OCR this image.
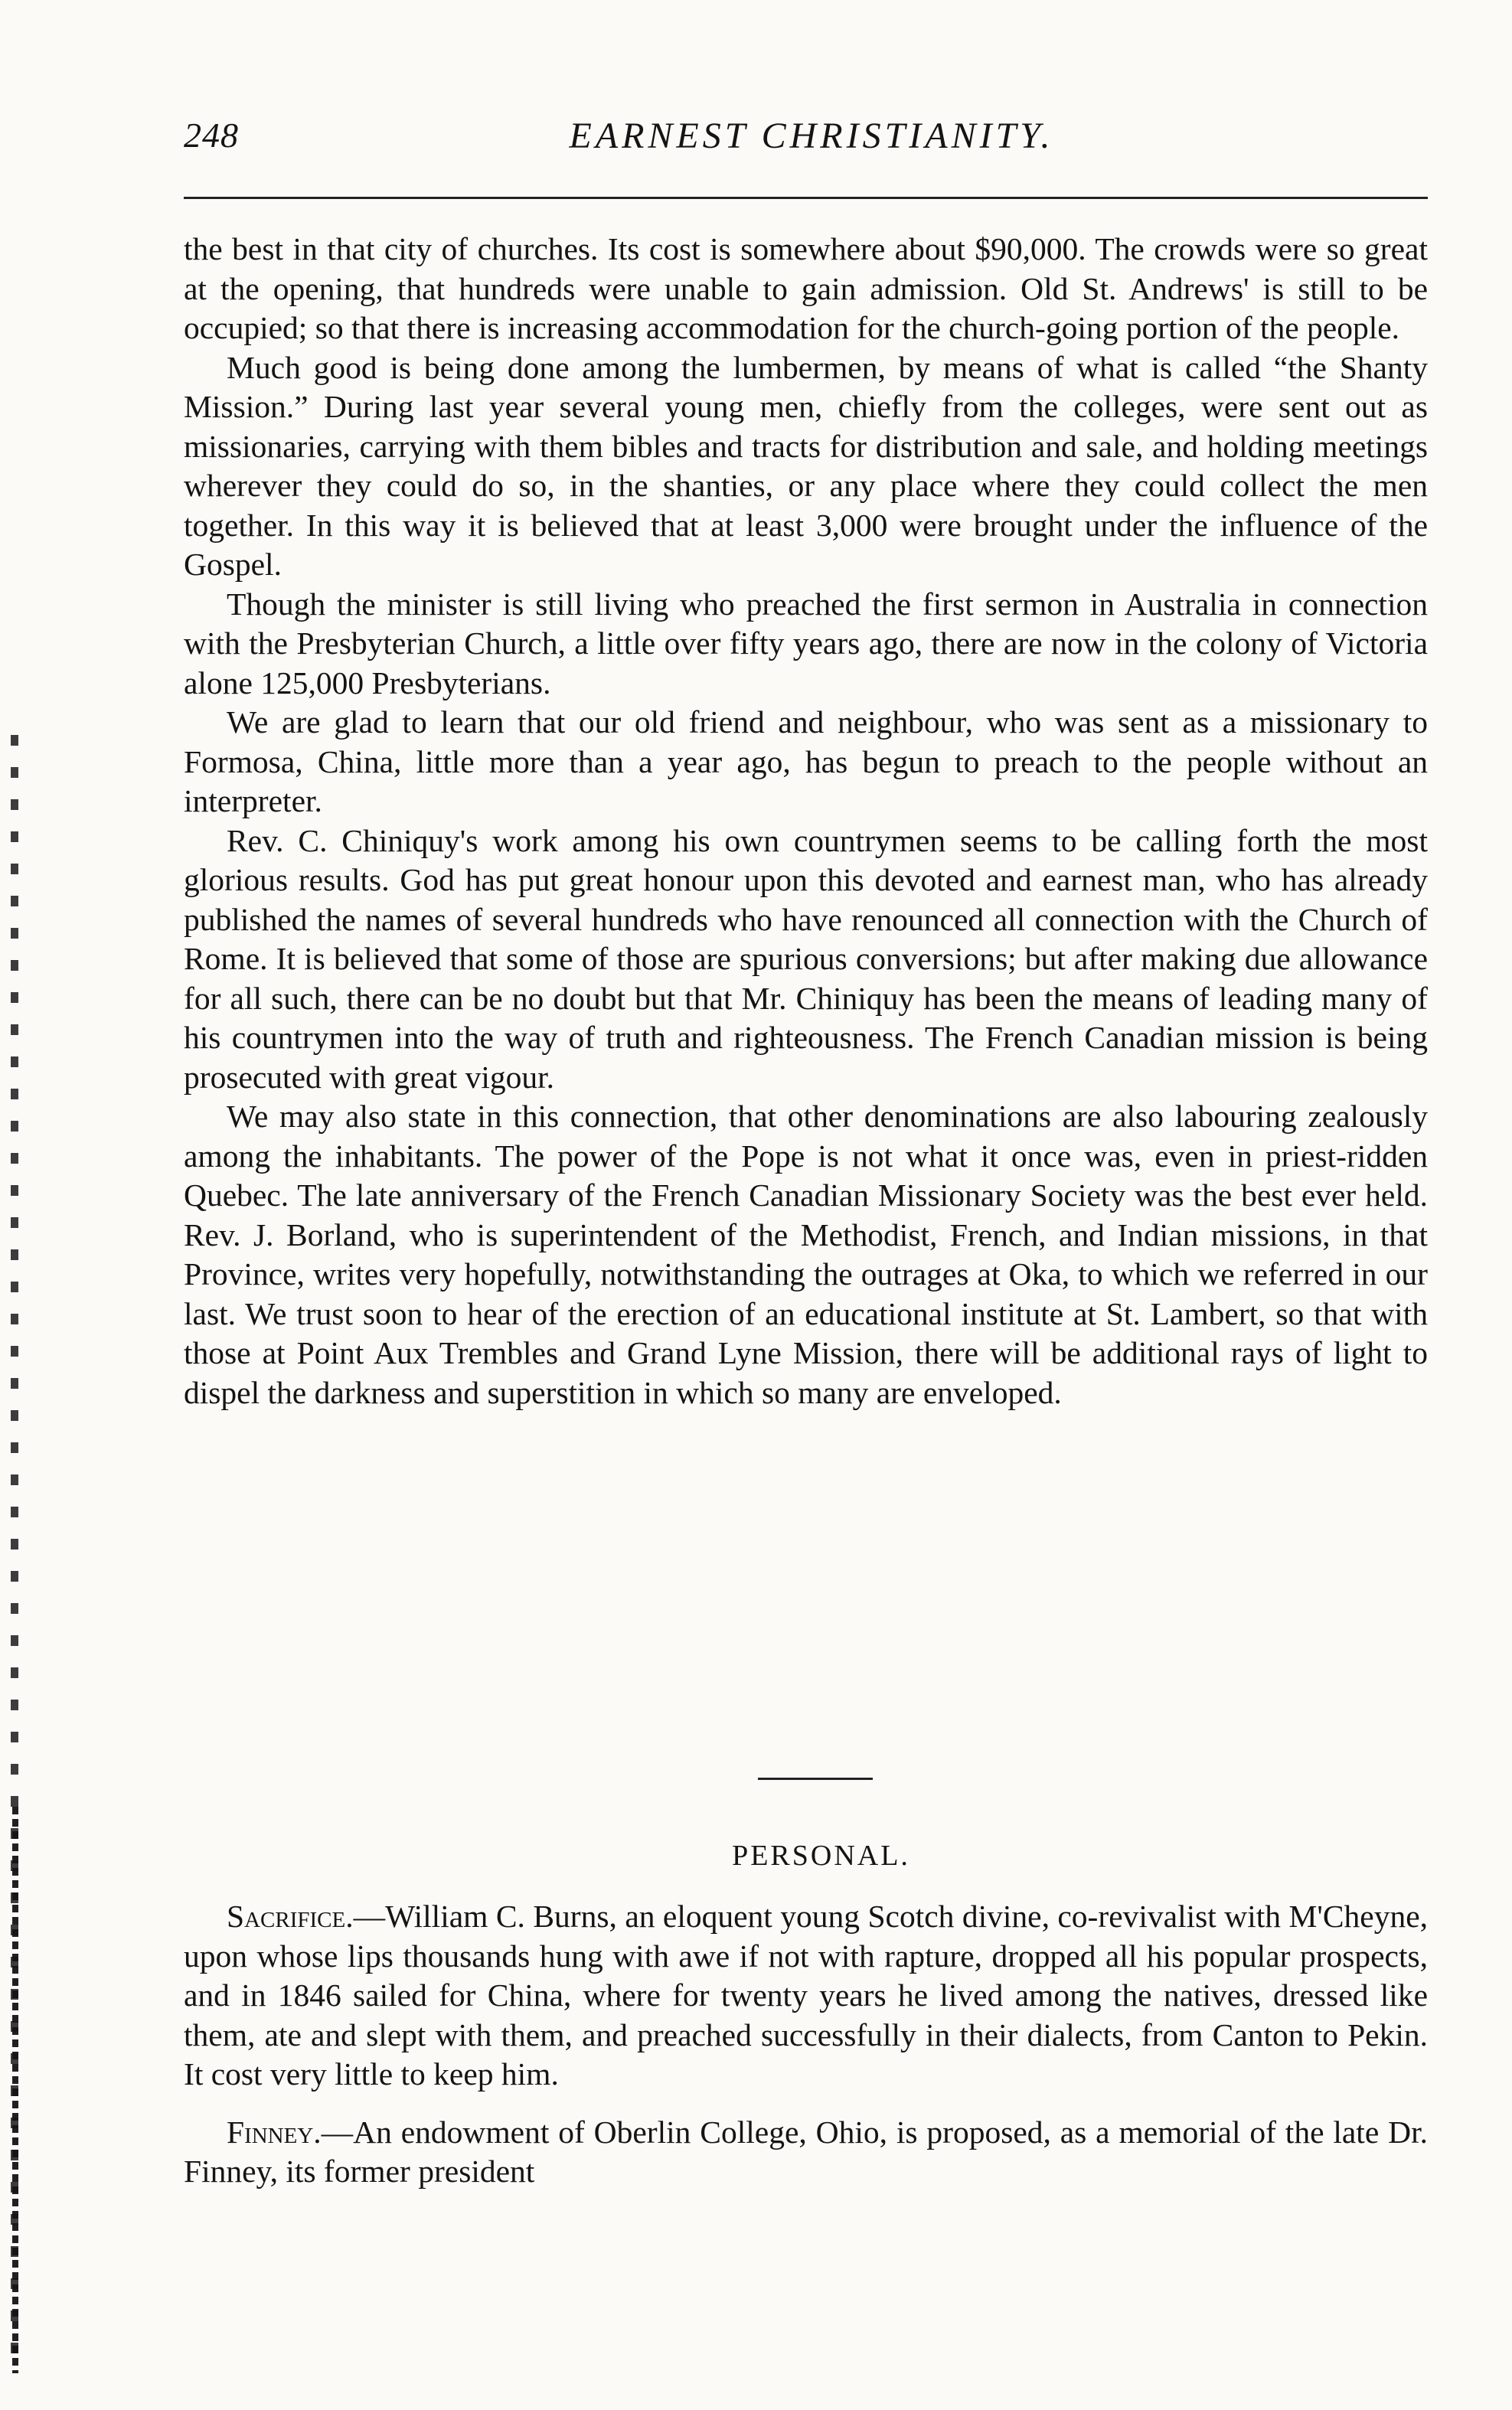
248	EARNEST CHRISTIANITY.

the best in that city of churches. Its cost is somewhere about $90,000. The crowds were so great at the opening, that hundreds were unable to gain admission. Old St. Andrews' is still to be occupied; so that there is increasing accommodation for the church-going portion of the people.

Much good is being done among the lumbermen, by means of what is called “the Shanty Mission.” During last year several young men, chiefly from the colleges, were sent out as missionaries, carrying with them bibles and tracts for distribution and sale, and holding meetings wherever they could do so, in the shanties, or any place where they could collect the men together. In this way it is believed that at least 3,000 were brought under the influence of the Gospel.

Though the minister is still living who preached the first sermon in Australia in connection with the Presbyterian Church, a little over fifty years ago, there are now in the colony of Victoria alone 125,000 Presbyterians.

We are glad to learn that our old friend and neighbour, who was sent as a missionary to Formosa, China, little more than a year ago, has begun to preach to the people without an interpreter.

Rev. C. Chiniquy's work among his own countrymen seems to be calling forth the most glorious results. God has put great honour upon this devoted and earnest man, who has already published the names of several hundreds who have renounced all connection with the Church of Rome. It is believed that some of those are spurious conversions; but after making due allowance for all such, there can be no doubt but that Mr. Chiniquy has been the means of leading many of his countrymen into the way of truth and righteousness. The French Canadian mission is being prosecuted with great vigour.

We may also state in this connection, that other denominations are also labouring zealously among the inhabitants. The power of the Pope is not what it once was, even in priest-ridden Quebec. The late anniversary of the French Canadian Missionary Society was the best ever held. Rev. J. Borland, who is superintendent of the Methodist, French, and Indian missions, in that Province, writes very hopefully, notwithstanding the outrages at Oka, to which we referred in our last. We trust soon to hear of the erection of an educational institute at St. Lambert, so that with those at Point Aux Trembles and Grand Lyne Mission, there will be additional rays of light to dispel the darkness and superstition in which so many are enveloped.

PERSONAL.

Sacrifice.—William C. Burns, an eloquent young Scotch divine, co-revivalist with M'Cheyne, upon whose lips thousands hung with awe if not with rapture, dropped all his popular prospects, and in 1846 sailed for China, where for twenty years he lived among the natives, dressed like them, ate and slept with them, and preached successfully in their dialects, from Canton to Pekin. It cost very little to keep him.

Finney.—An endowment of Oberlin College, Ohio, is proposed, as a memorial of the late Dr. Finney, its former president
